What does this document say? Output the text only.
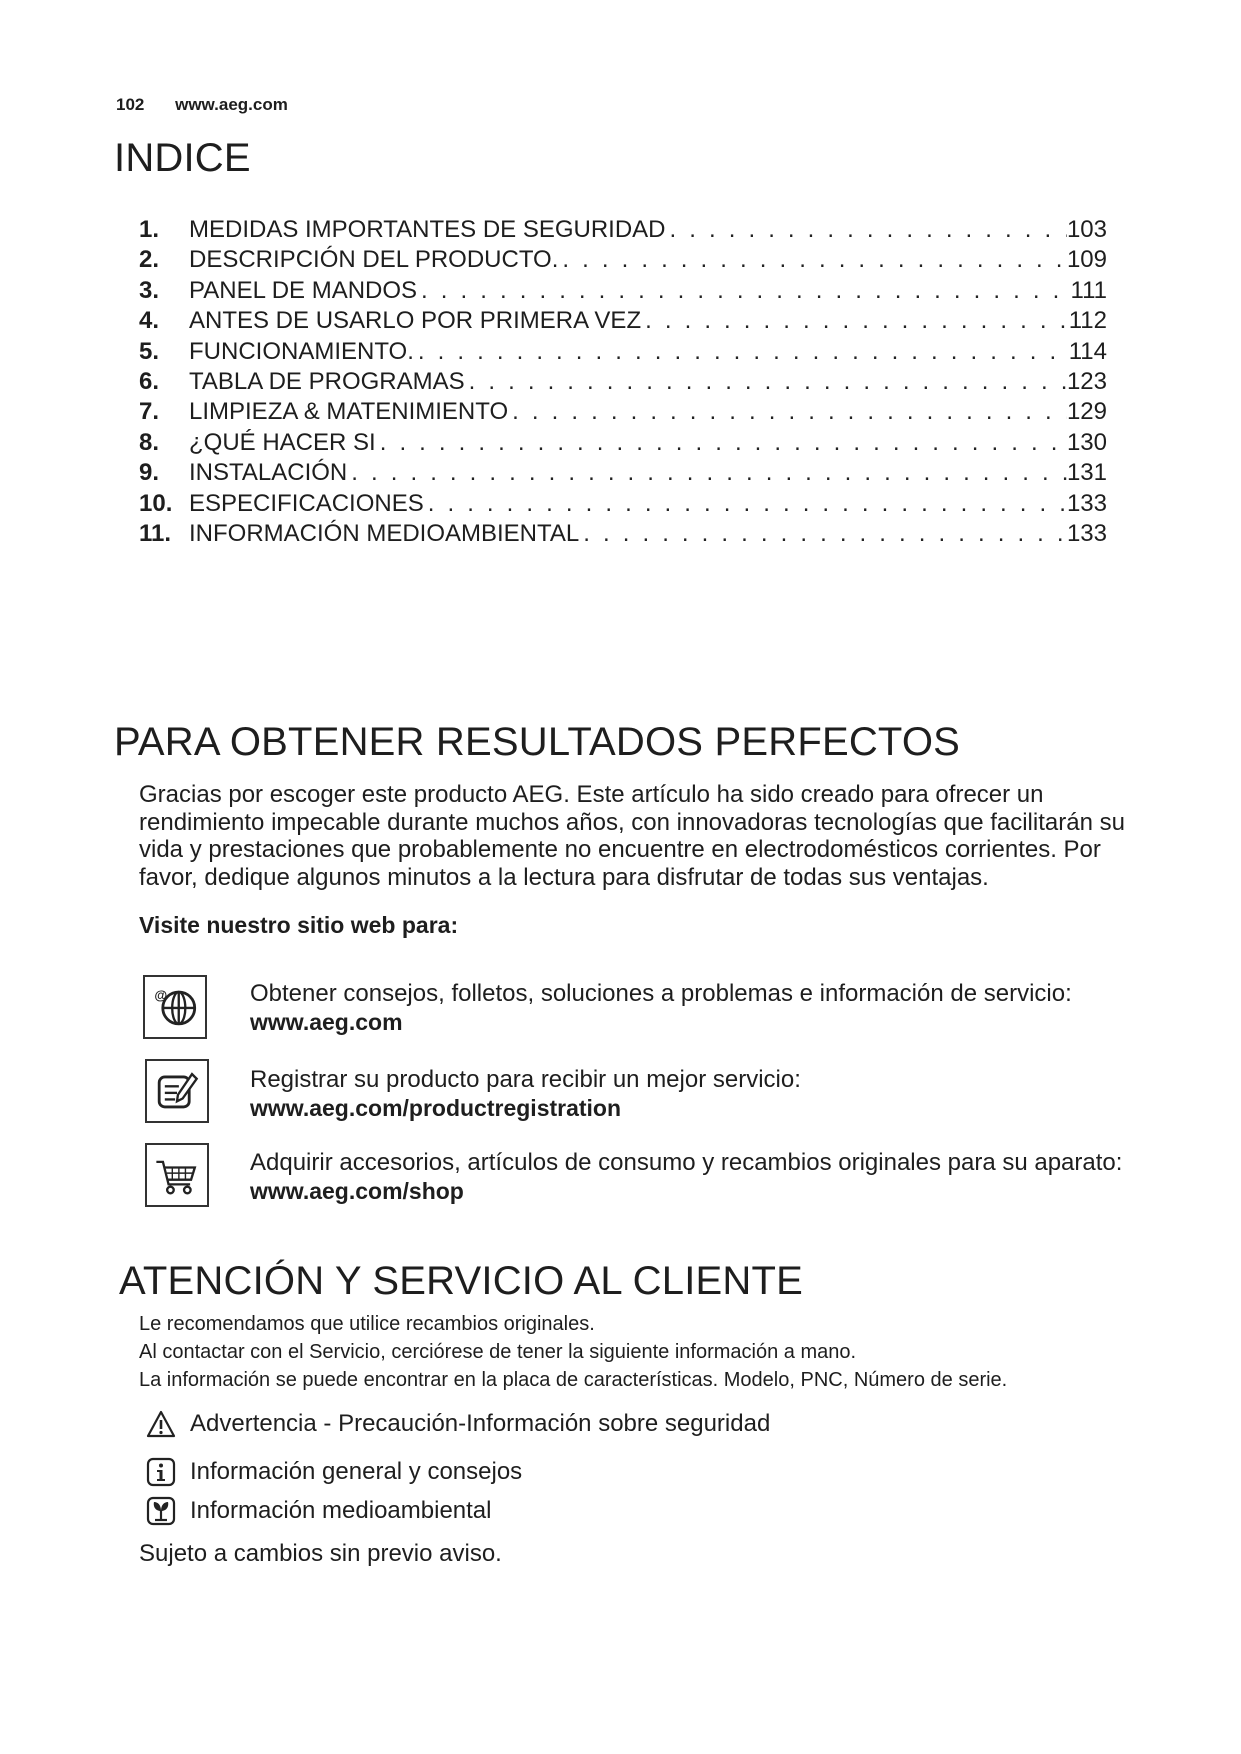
102 www.aeg.com
INDICE
1.	MEDIDAS IMPORTANTES DE SEGURIDAD . . .	103
2.	DESCRIPCIÓN DEL PRODUCTO. . . .	109
3.	PANEL DE MANDOS . . .	111
4.	ANTES DE USARLO POR PRIMERA VEZ . . .	112
5.	FUNCIONAMIENTO. . . .	114
6.	TABLA DE PROGRAMAS . . .	123
7.	LIMPIEZA & MATENIMIENTO . . .	129
8.	¿QUÉ HACER SI . . .	130
9.	INSTALACIÓN . . .	131
10. ESPECIFICACIONES . . .	133
11. INFORMACIÓN MEDIOAMBIENTAL . . .	133
PARA OBTENER RESULTADOS PERFECTOS
Gracias por escoger este producto AEG. Este artículo ha sido creado para ofrecer un
rendimiento impecable durante muchos años, con innovadoras tecnologías que facilitarán su
vida y prestaciones que probablemente no encuentre en electrodomésticos corrientes. Por
favor, dedique algunos minutos a la lectura para disfrutar de todas sus ventajas.
Visite nuestro sitio web para:
@	Obtener consejos, folletos, soluciones a problemas e información de servicio:
www.aeg.com
Registrar su producto para recibir un mejor servicio:
www.aeg.com/productregistration
Adquirir accesorios, artículos de consumo y recambios originales para su aparato:
www.aeg.com/shop
ATENCIÓN Y SERVICIO AL CLIENTE
Le recomendamos que utilice recambios originales.
Al contactar con el Servicio, cerciórese de tener la siguiente información a mano.
La información se puede encontrar en la placa de características. Modelo, PNC, Número de serie.
Advertencia - Precaución-Información sobre seguridad
Información general y consejos
Información medioambiental
Sujeto a cambios sin previo aviso.
